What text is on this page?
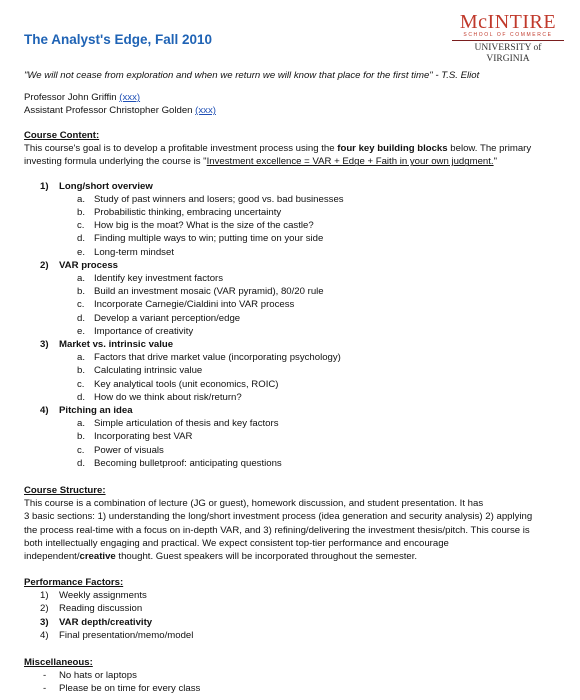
McINTIRE
SCHOOL OF COMMERCE
UNIVERSITY of VIRGINIA
The Analyst's Edge, Fall 2010
"We will not cease from exploration and when we return we will know that place for the first time" - T.S. Eliot
Professor John Griffin (xxx)
Assistant Professor Christopher Golden (xxx)
Course Content:
This course's goal is to develop a profitable investment process using the four key building blocks below. The primary investing formula underlying the course is "Investment excellence = VAR + Edge + Faith in your own judgment."
1) Long/short overview
a. Study of past winners and losers; good vs. bad businesses
b. Probabilistic thinking, embracing uncertainty
c. How big is the moat? What is the size of the castle?
d. Finding multiple ways to win; putting time on your side
e. Long-term mindset
2) VAR process
a. Identify key investment factors
b. Build an investment mosaic (VAR pyramid), 80/20 rule
c. Incorporate Carnegie/Cialdini into VAR process
d. Develop a variant perception/edge
e. Importance of creativity
3) Market vs. intrinsic value
a. Factors that drive market value (incorporating psychology)
b. Calculating intrinsic value
c. Key analytical tools (unit economics, ROIC)
d. How do we think about risk/return?
4) Pitching an idea
a. Simple articulation of thesis and key factors
b. Incorporating best VAR
c. Power of visuals
d. Becoming bulletproof: anticipating questions
Course Structure:
This course is a combination of lecture (JG or guest), homework discussion, and student presentation. It has
3 basic sections: 1) understanding the long/short investment process (idea generation and security analysis) 2) applying
the process real-time with a focus on in-depth VAR, and 3) refining/delivering the investment thesis/pitch. This course is
both intellectually engaging and practical. We expect consistent top-tier performance and encourage
independent/creative thought. Guest speakers will be incorporated throughout the semester.
Performance Factors:
1) Weekly assignments
2) Reading discussion
3) VAR depth/creativity
4) Final presentation/memo/model
Miscellaneous:
- No hats or laptops
- Please be on time for every class
